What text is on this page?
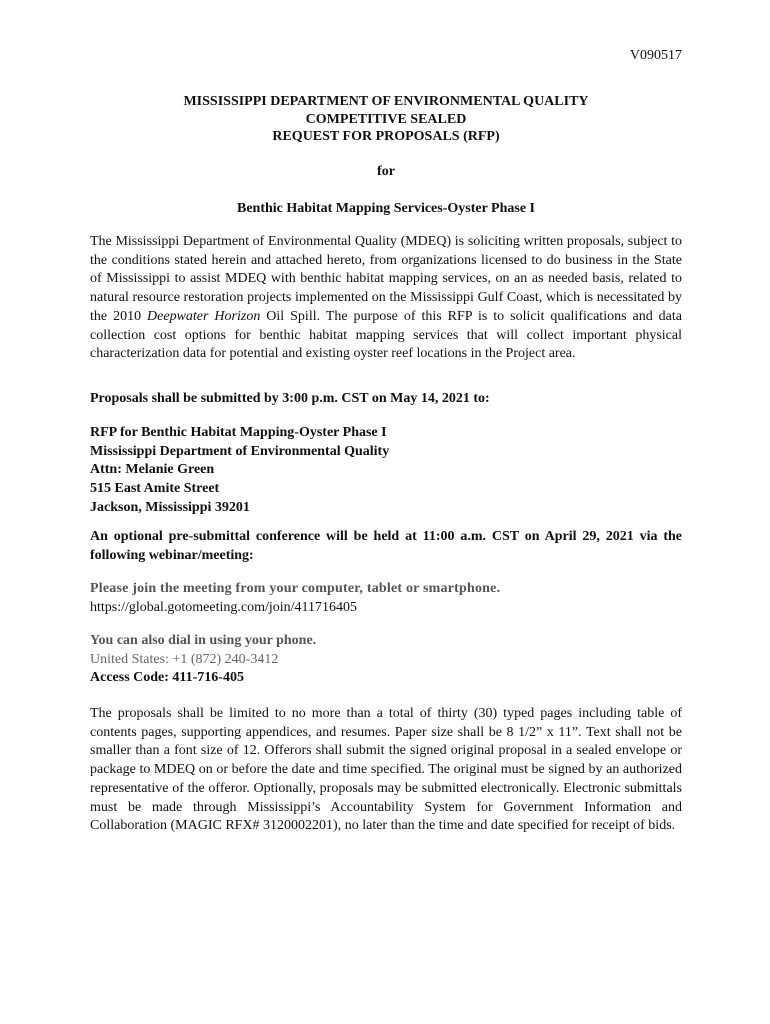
V090517
MISSISSIPPI DEPARTMENT OF ENVIRONMENTAL QUALITY
COMPETITIVE SEALED
REQUEST FOR PROPOSALS (RFP)
for
Benthic Habitat Mapping Services-Oyster Phase I

The Mississippi Department of Environmental Quality (MDEQ) is soliciting written proposals, subject to the conditions stated herein and attached hereto, from organizations licensed to do business in the State of Mississippi to assist MDEQ with benthic habitat mapping services, on an as needed basis, related to natural resource restoration projects implemented on the Mississippi Gulf Coast, which is necessitated by the 2010 Deepwater Horizon Oil Spill. The purpose of this RFP is to solicit qualifications and data collection cost options for benthic habitat mapping services that will collect important physical characterization data for potential and existing oyster reef locations in the Project area.

Proposals shall be submitted by 3:00 p.m. CST on May 14, 2021 to:

RFP for Benthic Habitat Mapping-Oyster Phase I
Mississippi Department of Environmental Quality
Attn: Melanie Green
515 East Amite Street
Jackson, Mississippi 39201

An optional pre-submittal conference will be held at 11:00 a.m. CST on April 29, 2021 via the following webinar/meeting:

Please join the meeting from your computer, tablet or smartphone.
https://global.gotomeeting.com/join/411716405
You can also dial in using your phone.
United States: +1 (872) 240-3412
Access Code: 411-716-405

The proposals shall be limited to no more than a total of thirty (30) typed pages including table of contents pages, supporting appendices, and resumes. Paper size shall be 8 1/2” x 11”. Text shall not be smaller than a font size of 12. Offerors shall submit the signed original proposal in a sealed envelope or package to MDEQ on or before the date and time specified. The original must be signed by an authorized representative of the offeror. Optionally, proposals may be submitted electronically. Electronic submittals must be made through Mississippi’s Accountability System for Government Information and Collaboration (MAGIC RFX# 3120002201), no later than the time and date specified for receipt of bids.
